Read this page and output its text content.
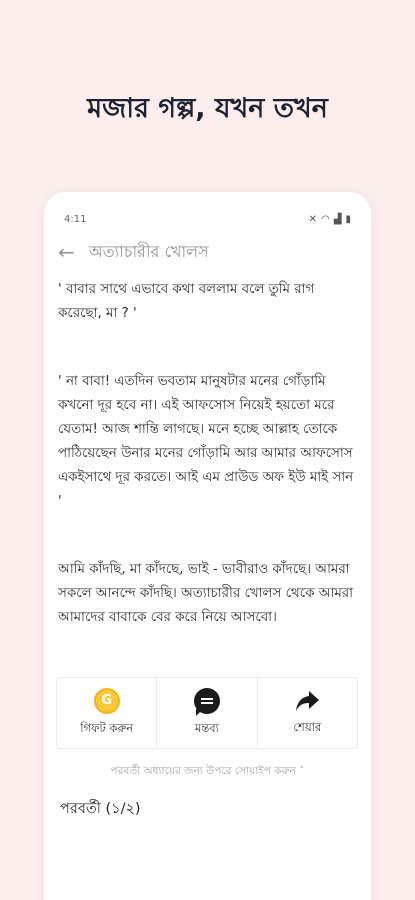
মজার গল্প, যখন তখন
4:11	✕ ◠ ▟ ▮
← অত্যাচারীর খোলস

' বাবার সাথে এভাবে কথা বললাম বলে তুমি রাগ করেছো, মা ? '

' না বাবা! এতদিন ভবতাম মানুষটার মনের গোঁড়ামি কখনো দূর হবে না। এই আফসোস নিয়েই হয়তো মরে যেতাম! আজ শান্তি লাগছে। মনে হচ্ছে আল্লাহ তোকে পাঠিয়েছেন উনার মনের গোঁড়ামি আর আমার আফসোস একইসাথে দূর করতে। আই এম প্রাউড অফ ইউ মাই সান '

আমি কাঁদছি, মা কাঁদছে, ভাই - ভাবীরাও কাঁদছে। আমরা সকলে আনন্দে কাঁদছি। অত্যাচারীর খোলস থেকে আমরা আমাদের বাবাকে বের করে নিয়ে আসবো।

G
গিফট করুন	মন্তব্য	শেয়ার
পরবর্তী অধ্যায়ের জন্য উপরে সোয়াইপ করুন ˄
পরবর্তী (১/২)
